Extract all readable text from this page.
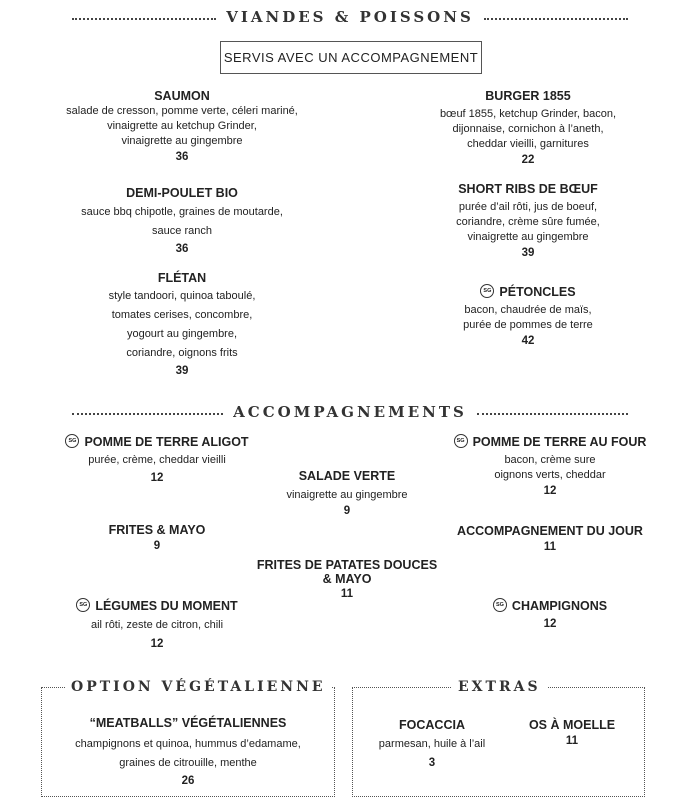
VIANDES & POISSONS
SERVIS AVEC UN ACCOMPAGNEMENT
SAUMON
salade de cresson, pomme verte, céleri mariné,
vinaigrette au ketchup Grinder,
vinaigrette au gingembre
36
BURGER 1855
bœuf 1855, ketchup Grinder, bacon,
dijonnaise, cornichon à l’aneth,
cheddar vieilli, garnitures
22
DEMI-POULET BIO
sauce bbq chipotle, graines de moutarde,
sauce ranch
36
SHORT RIBS DE BŒUF
purée d’ail rôti, jus de boeuf,
coriandre, crème sûre fumée,
vinaigrette au gingembre
39
FLÉTAN
style tandoori, quinoa taboulé,
tomates cerises, concombre,
yogourt au gingembre,
coriandre, oignons frits
39
SG PÉTONCLES
bacon, chaudrée de maïs,
purée de pommes de terre
42
ACCOMPAGNEMENTS
SG POMME DE TERRE ALIGOT
purée, crème, cheddar vieilli
12
SG POMME DE TERRE AU FOUR
bacon, crème sure
oignons verts, cheddar
12
SALADE VERTE
vinaigrette au gingembre
9
FRITES & MAYO
9
ACCOMPAGNEMENT DU JOUR
11
FRITES DE PATATES DOUCES
& MAYO
11
SG LÉGUMES DU MOMENT
ail rôti, zeste de citron, chili
12
SG CHAMPIGNONS
12
OPTION VÉGÉTALIENNE
“MEATBALLS” VÉGÉTALIENNES
champignons et quinoa, hummus d’edamame,
graines de citrouille, menthe
26
EXTRAS
FOCACCIA
parmesan, huile à l’ail
3
OS À MOELLE
11
